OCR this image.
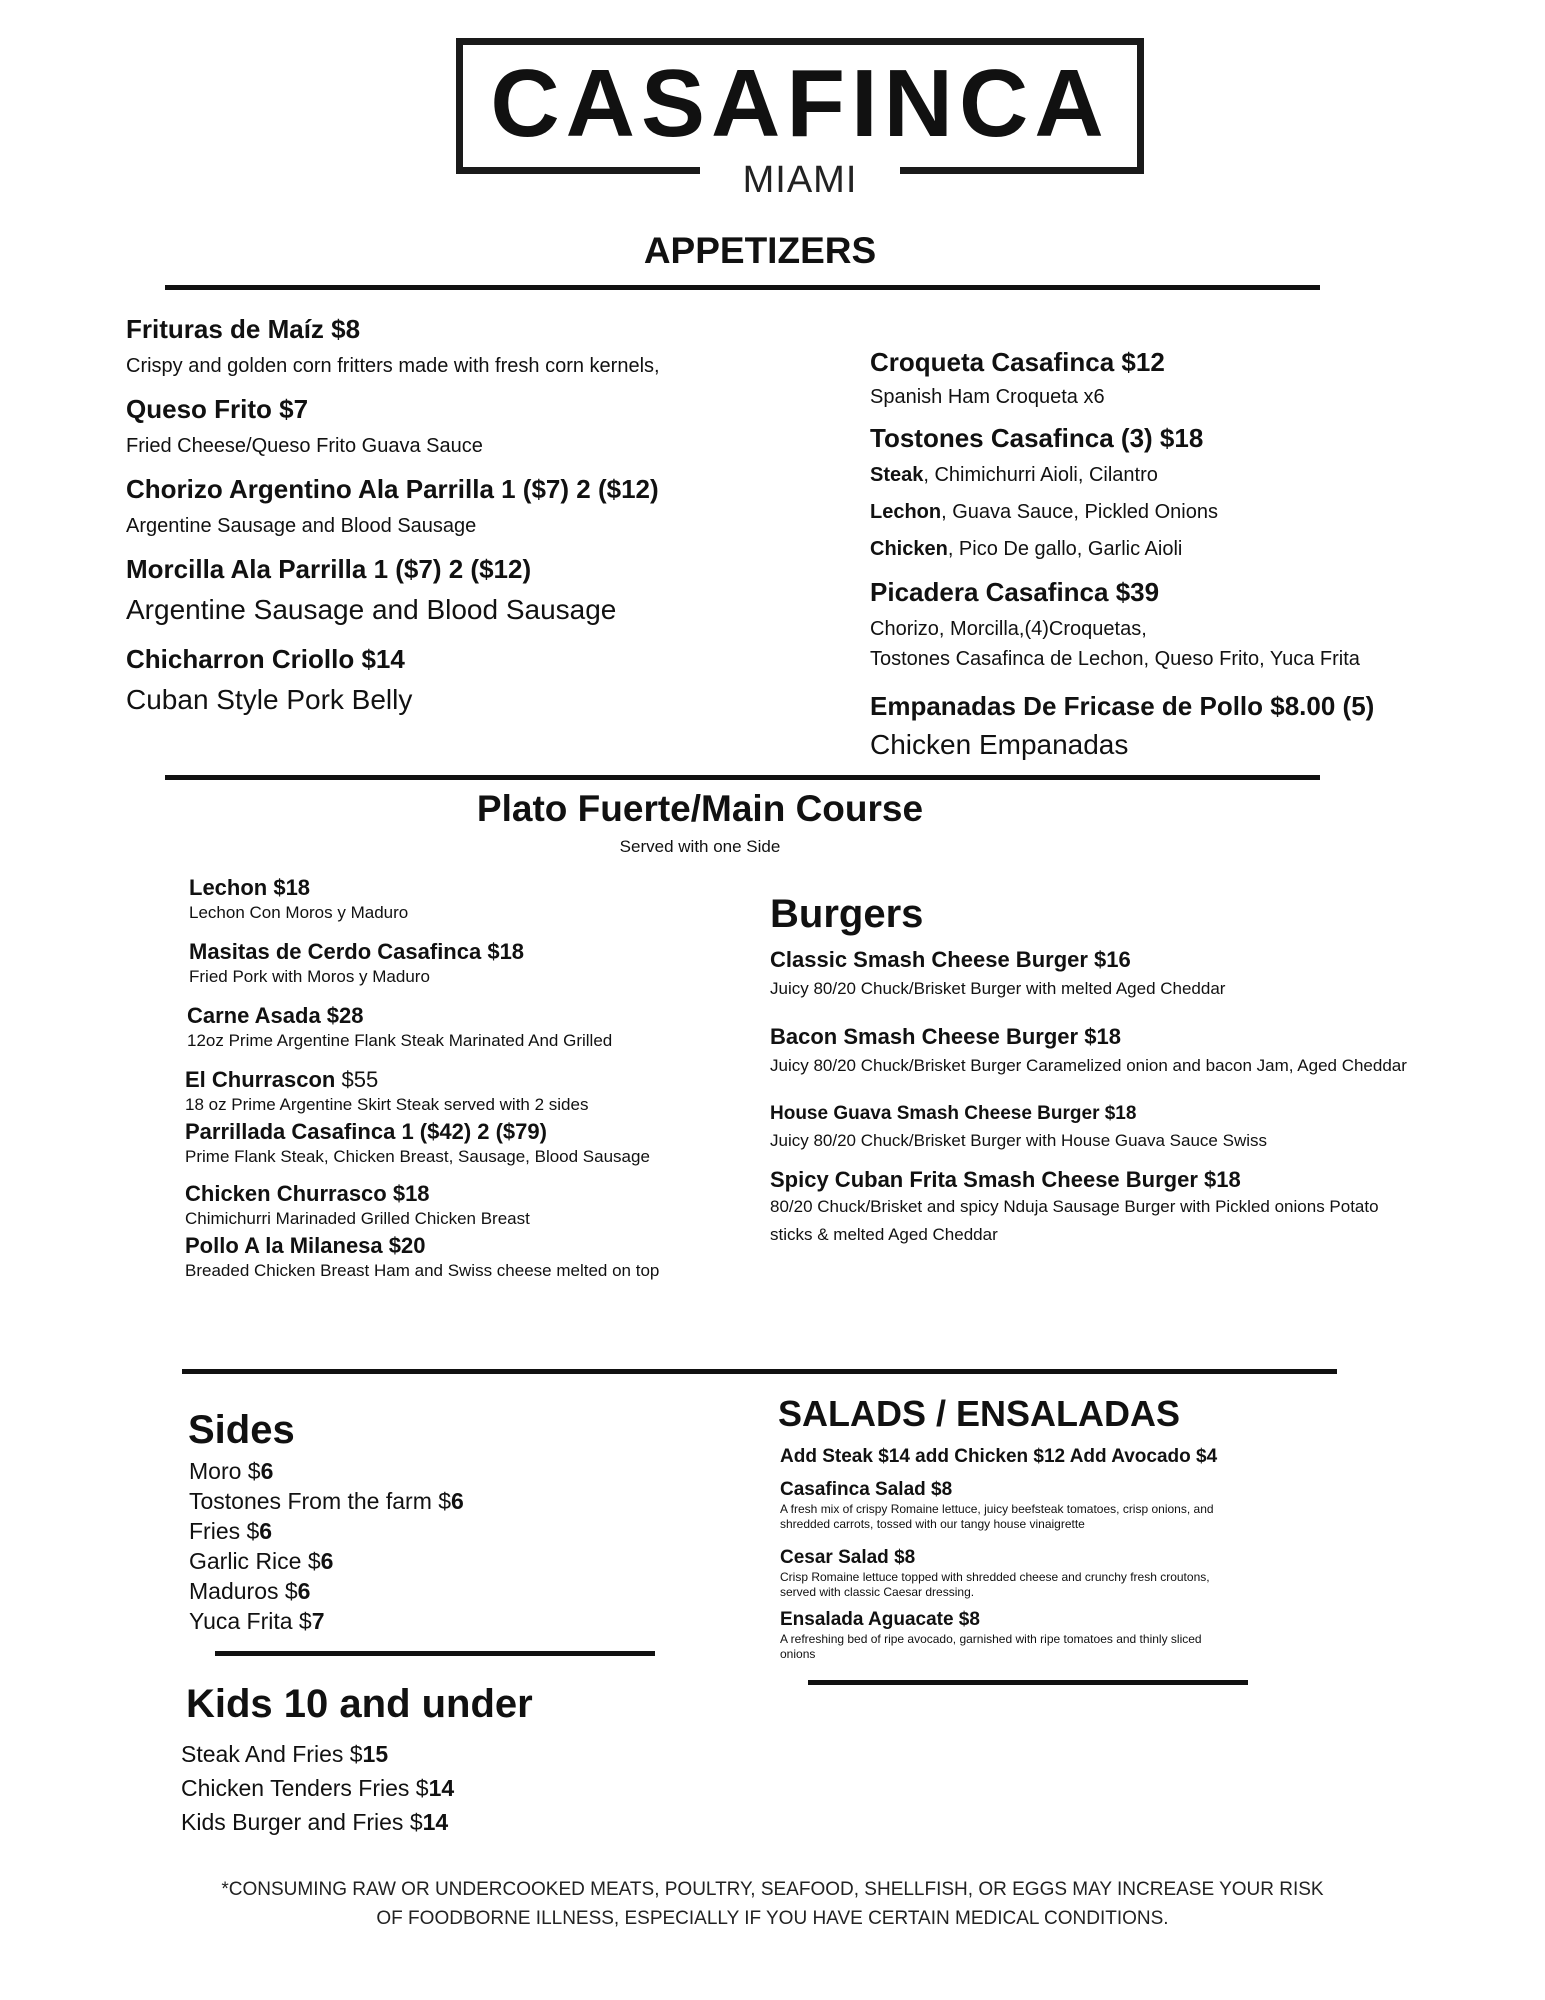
CASAFINCA
MIAMI
APPETIZERS
Frituras de Maíz $8
Crispy and golden corn fritters made with fresh corn kernels,
Queso Frito $7
Fried Cheese/Queso Frito Guava Sauce
Chorizo Argentino Ala Parrilla 1 ($7) 2 ($12)
Argentine Sausage and Blood Sausage
Morcilla Ala Parrilla 1 ($7) 2 ($12)
Argentine Sausage and Blood Sausage
Chicharron Criollo $14
Cuban Style Pork Belly
Croqueta Casafinca $12
Spanish Ham Croqueta x6
Tostones Casafinca (3) $18
Steak, Chimichurri Aioli, Cilantro
Lechon, Guava Sauce, Pickled Onions
Chicken, Pico De gallo, Garlic Aioli
Picadera Casafinca $39
Chorizo, Morcilla,(4)Croquetas,
Tostones Casafinca de Lechon, Queso Frito, Yuca Frita
Empanadas De Fricase de Pollo $8.00 (5)
Chicken Empanadas
Plato Fuerte/Main Course
Served with one Side
Lechon $18
Lechon Con Moros y Maduro
Masitas de Cerdo Casafinca $18
Fried Pork with Moros y Maduro
Carne Asada $28
12oz Prime Argentine Flank Steak Marinated And Grilled
El Churrascon $55
18 oz Prime Argentine Skirt Steak served with 2 sides
Parrillada Casafinca 1 ($42) 2 ($79)
Prime Flank Steak, Chicken Breast, Sausage, Blood Sausage
Chicken Churrasco $18
Chimichurri Marinaded Grilled Chicken Breast
Pollo A la Milanesa $20
Breaded Chicken Breast Ham and Swiss cheese melted on top
Burgers
Classic Smash Cheese Burger $16
Juicy 80/20 Chuck/Brisket Burger with melted Aged Cheddar
Bacon Smash Cheese Burger $18
Juicy 80/20 Chuck/Brisket Burger Caramelized onion and bacon Jam, Aged Cheddar
House Guava Smash Cheese Burger $18
Juicy 80/20 Chuck/Brisket Burger with House Guava Sauce Swiss
Spicy Cuban Frita Smash Cheese Burger $18
80/20 Chuck/Brisket and spicy Nduja Sausage Burger with Pickled onions Potato
sticks & melted Aged Cheddar
Sides
Moro $6
Tostones From the farm $6
Fries $6
Garlic Rice $6
Maduros $6
Yuca Frita $7
Kids 10 and under
Steak And Fries $15
Chicken Tenders Fries $14
Kids Burger and Fries $14
SALADS / ENSALADAS
Add Steak $14 add Chicken $12 Add Avocado $4
Casafinca Salad $8
A fresh mix of crispy Romaine lettuce, juicy beefsteak tomatoes, crisp onions, and
shredded carrots, tossed with our tangy house vinaigrette
Cesar Salad $8
Crisp Romaine lettuce topped with shredded cheese and crunchy fresh croutons,
served with classic Caesar dressing.
Ensalada Aguacate $8
A refreshing bed of ripe avocado, garnished with ripe tomatoes and thinly sliced
onions
*CONSUMING RAW OR UNDERCOOKED MEATS, POULTRY, SEAFOOD, SHELLFISH, OR EGGS MAY INCREASE YOUR RISK
OF FOODBORNE ILLNESS, ESPECIALLY IF YOU HAVE CERTAIN MEDICAL CONDITIONS.
